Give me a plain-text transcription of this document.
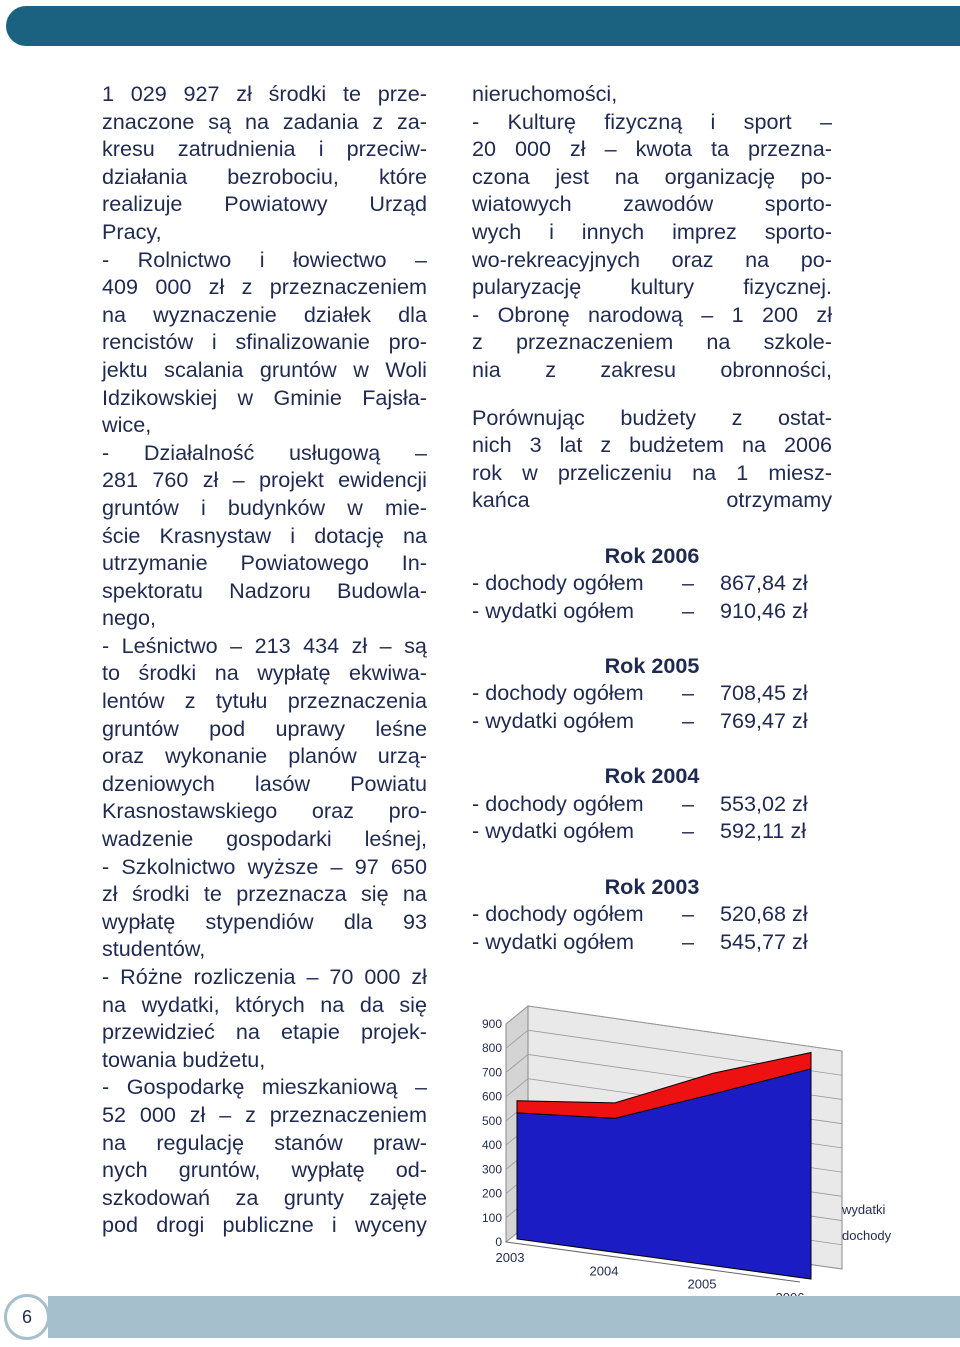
1 029 927 zł środki te prze-
znaczone są na zadania z za-
kresu zatrudnienia i przeciw-
działania bezrobociu, które
realizuje Powiatowy Urząd
Pracy,
- Rolnictwo i łowiectwo –
409 000 zł z przeznaczeniem
na wyznaczenie działek dla
rencistów i sfinalizowanie pro-
jektu scalania gruntów w Woli
Idzikowskiej w Gminie Fajsła-
wice,
- Działalność usługową –
281 760 zł – projekt ewidencji
gruntów i budynków w mie-
ście Krasnystaw i dotację na
utrzymanie Powiatowego In-
spektoratu Nadzoru Budowla-
nego,
- Leśnictwo – 213 434 zł – są
to środki na wypłatę ekwiwa-
lentów z tytułu przeznaczenia
gruntów pod uprawy leśne
oraz wykonanie planów urzą-
dzeniowych lasów Powiatu
Krasnostawskiego oraz pro-
wadzenie gospodarki leśnej,
- Szkolnictwo wyższe – 97 650
zł środki te przeznacza się na
wypłatę stypendiów dla 93
studentów,
- Różne rozliczenia – 70 000 zł
na wydatki, których na da się
przewidzieć na etapie projek-
towania budżetu,
- Gospodarkę mieszkaniową –
52 000 zł – z przeznaczeniem
na regulację stanów praw-
nych gruntów, wypłatę od-
szkodowań za grunty zajęte
pod drogi publiczne i wyceny
nieruchomości,
- Kulturę fizyczną i sport –
20 000 zł – kwota ta przezna-
czona jest na organizację po-
wiatowych zawodów sporto-
wych i innych imprez sporto-
wo-rekreacyjnych oraz na po-
pularyzację kultury fizycznej.
- Obronę narodową – 1 200 zł
z przeznaczeniem na szkole-
nia z zakresu obronności,
Porównując budżety z ostat-
nich 3 lat z budżetem na 2006
rok w przeliczeniu na 1 miesz-
kańca	otrzymamy
Rok 2006
- dochody ogółem	–	867,84 zł
- wydatki ogółem	–	910,46 zł
Rok 2005
- dochody ogółem	–	708,45 zł
- wydatki ogółem	–	769,47 zł
Rok 2004
- dochody ogółem	–	553,02 zł
- wydatki ogółem	–	592,11 zł
Rok 2003
- dochody ogółem	–	520,68 zł
- wydatki ogółem	–	545,77 zł
0
100
200
300
400
500
600
700
800
900
2003
2004
2005
wydatki
dochody
6
